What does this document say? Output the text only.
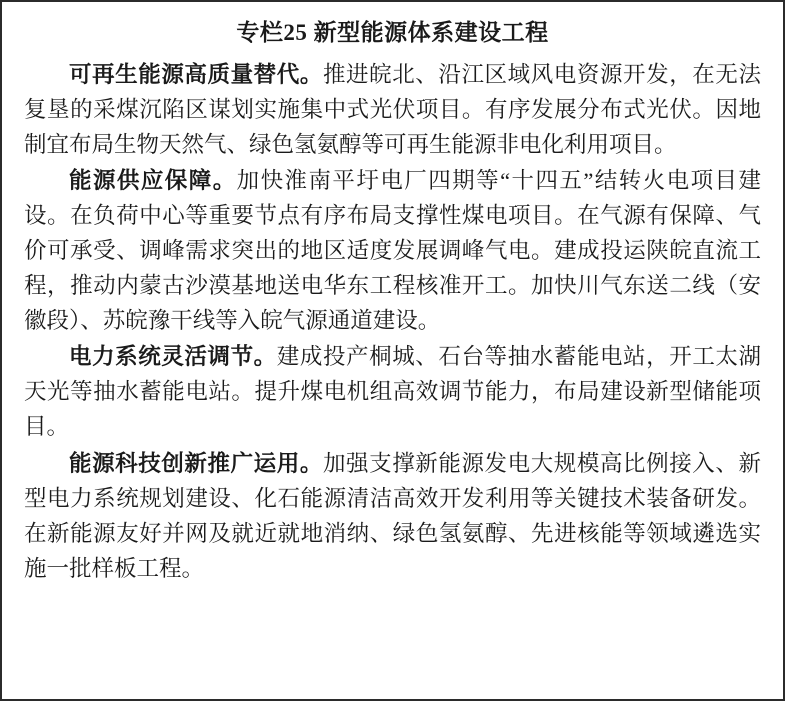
专栏25 新型能源体系建设工程

可再生能源高质量替代。推进皖北、沿江区域风电资源开发，在无法复垦的采煤沉陷区谋划实施集中式光伏项目。有序发展分布式光伏。因地制宜布局生物天然气、绿色氢氨醇等可再生能源非电化利用项目。

能源供应保障。加快淮南平圩电厂四期等“十四五”结转火电项目建设。在负荷中心等重要节点有序布局支撑性煤电项目。在气源有保障、气价可承受、调峰需求突出的地区适度发展调峰气电。建成投运陕皖直流工程，推动内蒙古沙漠基地送电华东工程核准开工。加快川气东送二线（安徽段）、苏皖豫干线等入皖气源通道建设。

电力系统灵活调节。建成投产桐城、石台等抽水蓄能电站，开工太湖天光等抽水蓄能电站。提升煤电机组高效调节能力，布局建设新型储能项目。

能源科技创新推广运用。加强支撑新能源发电大规模高比例接入、新型电力系统规划建设、化石能源清洁高效开发利用等关键技术装备研发。在新能源友好并网及就近就地消纳、绿色氢氨醇、先进核能等领域遴选实施一批样板工程。
